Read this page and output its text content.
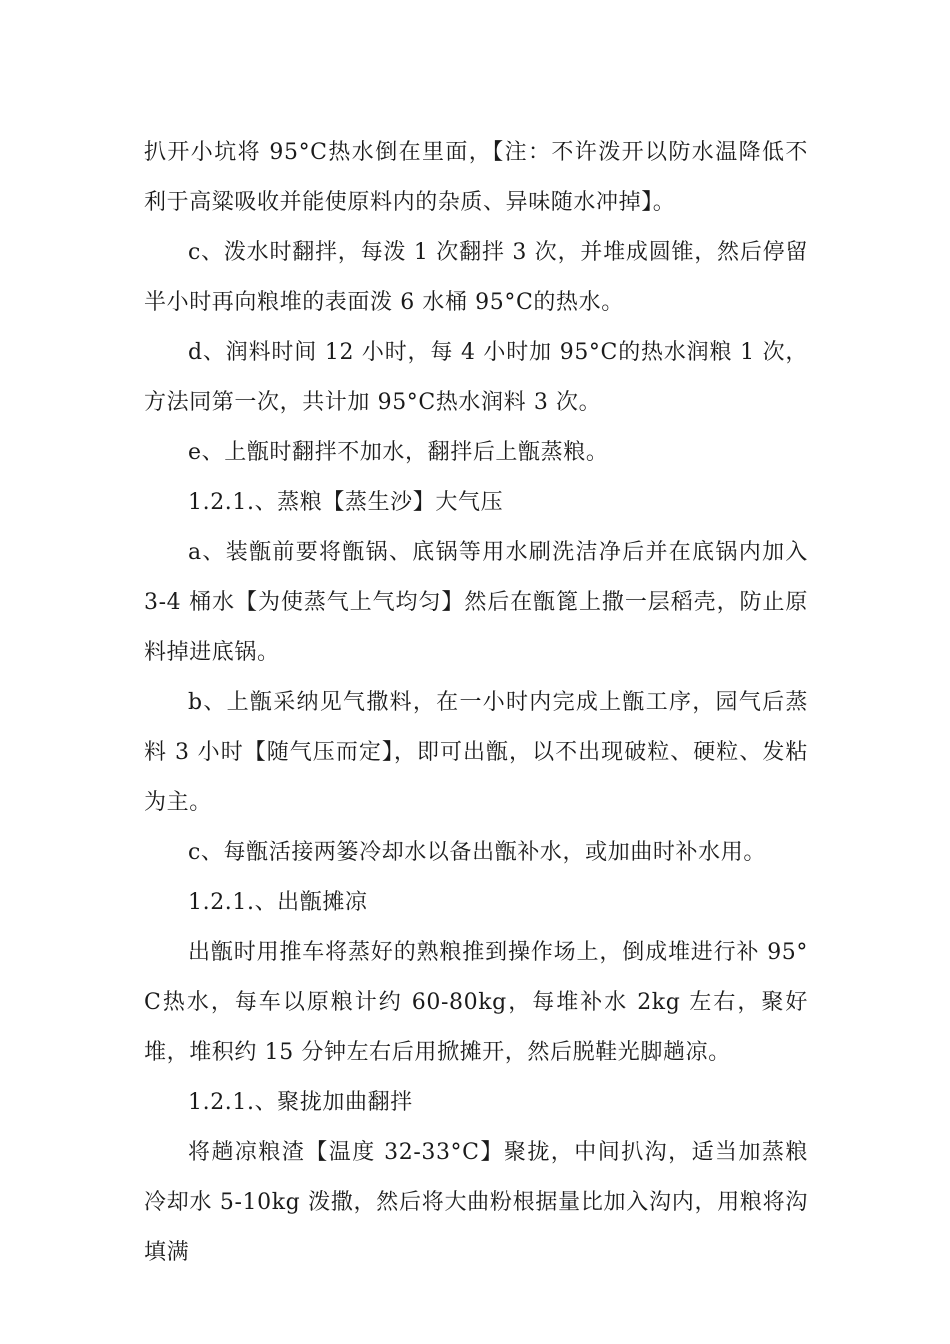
扒开小坑将 95°C热水倒在里面，【注：不许泼开以防水温降低不利于高粱吸收并能使原料内的杂质、异味随水冲掉】。

c、泼水时翻拌，每泼 1 次翻拌 3 次，并堆成圆锥，然后停留半小时再向粮堆的表面泼 6 水桶 95°C的热水。

d、润料时间 12 小时，每 4 小时加 95°C的热水润粮 1 次，方法同第一次，共计加 95°C热水润料 3 次。

e、上甑时翻拌不加水，翻拌后上甑蒸粮。

1.2.1.、蒸粮【蒸生沙】大气压

a、装甑前要将甑锅、底锅等用水刷洗洁净后并在底锅内加入 3-4 桶水【为使蒸气上气均匀】然后在甑篦上撒一层稻壳，防止原料掉进底锅。

b、上甑采纳见气撒料，在一小时内完成上甑工序，园气后蒸料 3 小时【随气压而定】，即可出甑，以不出现破粒、硬粒、发粘为主。

c、每甑活接两篓冷却水以备出甑补水，或加曲时补水用。

1.2.1.、出甑摊凉

出甑时用推车将蒸好的熟粮推到操作场上，倒成堆进行补 95°C热水，每车以原粮计约 60-80kg，每堆补水 2kg 左右，聚好堆，堆积约 15 分钟左右后用掀摊开，然后脱鞋光脚趟凉。

1.2.1.、聚拢加曲翻拌

将趟凉粮渣【温度 32-33°C】聚拢，中间扒沟，适当加蒸粮冷却水 5-10kg 泼撒，然后将大曲粉根据量比加入沟内，用粮将沟填满
